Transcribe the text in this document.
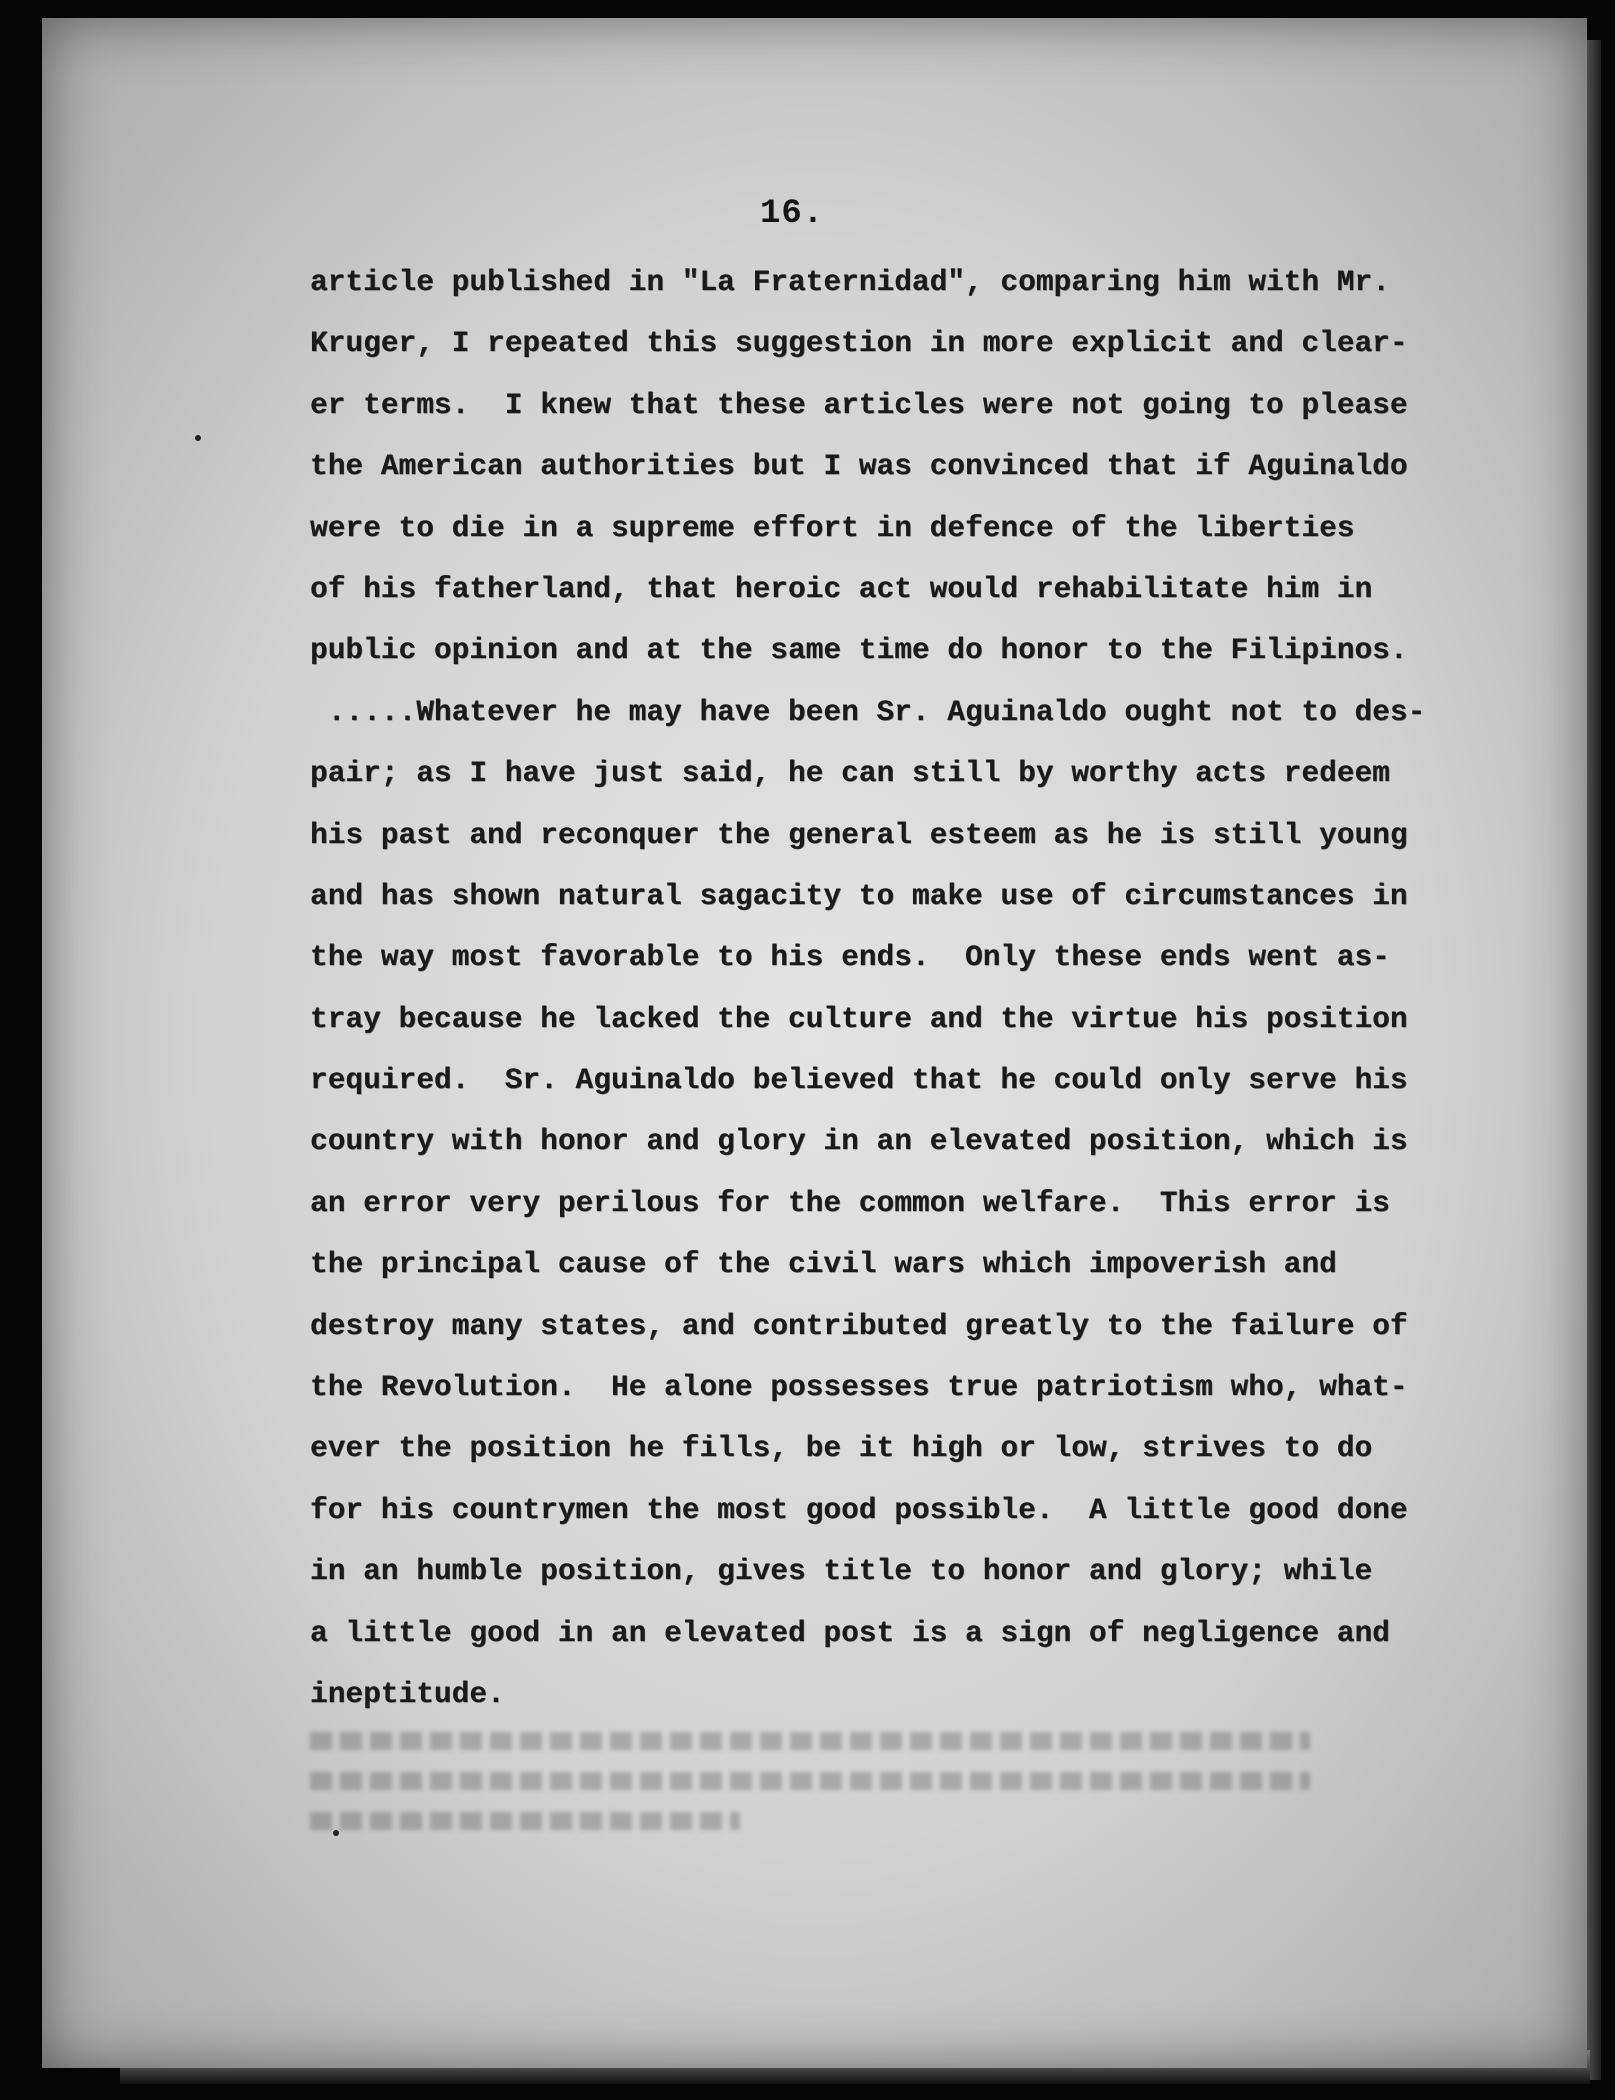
16.
article published in "La Fraternidad", comparing him with Mr.
Kruger, I repeated this suggestion in more explicit and clear-
er terms.  I knew that these articles were not going to please
the American authorities but I was convinced that if Aguinaldo
were to die in a supreme effort in defence of the liberties
of his fatherland, that heroic act would rehabilitate him in
public opinion and at the same time do honor to the Filipinos.
.....Whatever he may have been Sr. Aguinaldo ought not to des-
pair; as I have just said, he can still by worthy acts redeem
his past and reconquer the general esteem as he is still young
and has shown natural sagacity to make use of circumstances in
the way most favorable to his ends.  Only these ends went as-
tray because he lacked the culture and the virtue his position
required.  Sr. Aguinaldo believed that he could only serve his
country with honor and glory in an elevated position, which is
an error very perilous for the common welfare.  This error is
the principal cause of the civil wars which impoverish and
destroy many states, and contributed greatly to the failure of
the Revolution.  He alone possesses true patriotism who, what-
ever the position he fills, be it high or low, strives to do
for his countrymen the most good possible.  A little good done
in an humble position, gives title to honor and glory; while
a little good in an elevated post is a sign of negligence and
ineptitude.
